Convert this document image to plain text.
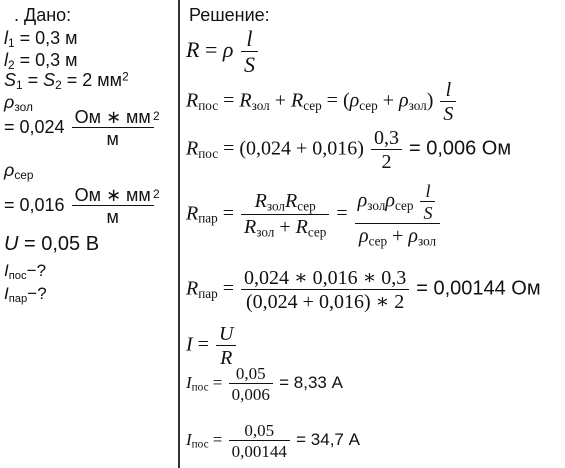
. Дано:
$l_1 = 0,3$ м
$l_2 = 0,3$ м
$S_1 = S_2 = 2$ $мм^2$
$\rho_{зол}$
= $0,024 \frac{Ом ∗ мм}{м} 2$
$\rho_{сер}$
= $0,016 \frac{Ом ∗ мм}{м} 2$
U = 0,05 В
$I_{пос}-$?
$I_{пар}-$?
Решение:
R = ρ $\frac{l}{S}$
$R_{пос} = R_{зол} + R_{сер} = (\rho_{сер} + \rho_{зол}) \frac{l}{S}$
$R_{пос} = (0,024 + 0,016) \frac{0,3}{2} = 0,006$ Ом
$R_{пар} = \frac{R_{зол}R_{сер}}{R_{зол} + R_{сер}} = \frac{\rho_{зол}\rho_{сер} \frac{l}{S}}{\rho_{сер} + \rho_{зол}}$
$R_{пар} = \frac{0,024 ∗ 0,016 ∗ 0,3}{(0,024 + 0,016) ∗ 2} = 0,00144$ Ом
$I = \frac{U}{R}$
$I_{пос} = \frac{0,05}{0,006} = 8,33$ А
$I_{пос} = \frac{0,05}{0,00144} = 34,7$ А
